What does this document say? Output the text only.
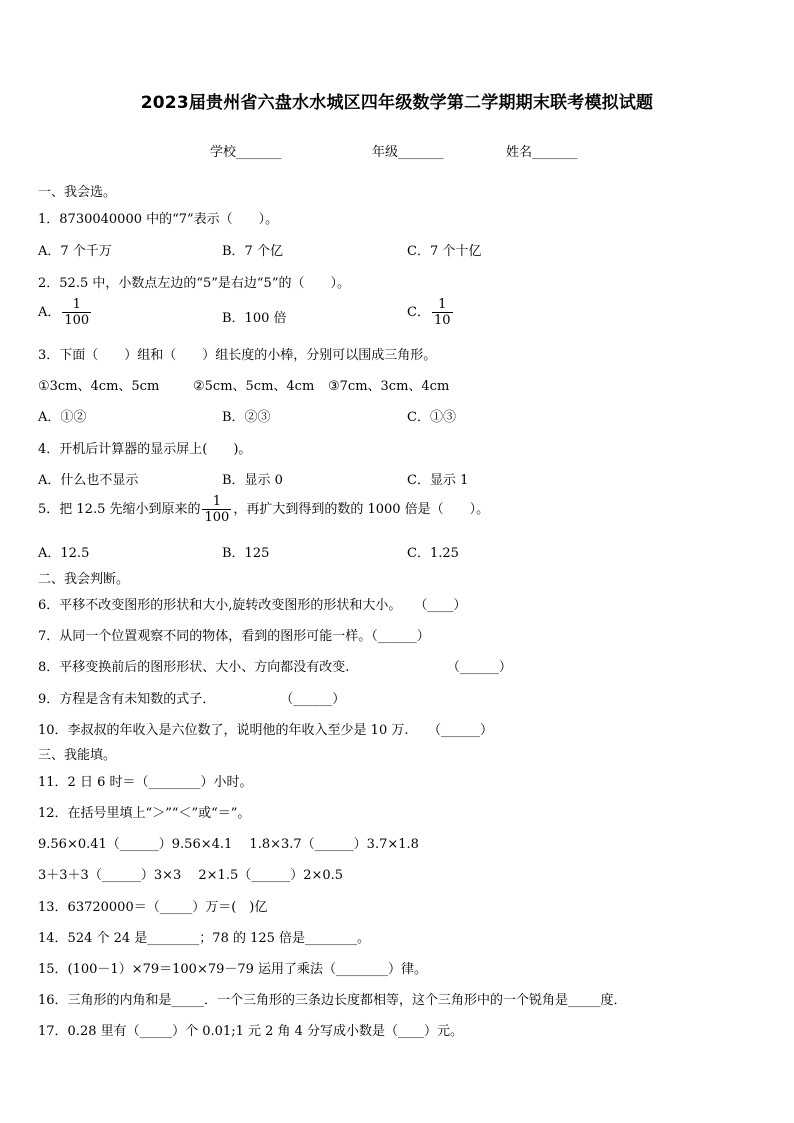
2023届贵州省六盘水水城区四年级数学第二学期期末联考模拟试题
学校_______	年级_______	姓名_______
一、我会选。
1．8730040000 中的“7”表示（　　）。
A．7 个千万	B．7 个亿	C．7 个十亿
2．52.5 中，小数点左边的“5”是右边“5”的（　　）。
A． $\frac{1}{100}$	B．100 倍	C． $\frac{1}{10}$
3．下面（　　）组和（　　）组长度的小棒，分别可以围成三角形。
①3cm、4cm、5cm	②5cm、5cm、4cm ③7cm、3cm、4cm
A．①②	B．②③	C．①③
4．开机后计算器的显示屏上(　　)。
A．什么也不显示	B．显示 0	C．显示 1
5．把 12.5 先缩小到原来的 $\frac{1}{100}$ ，再扩大到得到的数的 1000 倍是（　　）。
A．12.5	B．125	C．1.25
二、我会判断。
6．平移不改变图形的形状和大小,旋转改变图形的形状和大小。　　（____）
7．从同一个位置观察不同的物体，看到的图形可能一样。（______）
8．平移变换前后的图形形状、大小、方向都没有改变.　　　　　　　　（______）
9．方程是含有未知数的式子．　　　　　　（______）
10．李叔叔的年收入是六位数了，说明他的年收入至少是 10 万.　　（______）
三、我能填。
11．2 日 6 时＝（________）小时。
12．在括号里填上“＞”“＜”或“＝”。
9.56×0.41（______）9.56×4.1　 1.8×3.7（______）3.7×1.8
3＋3＋3（______）3×3　 2×1.5（______）2×0.5
13．63720000＝（_____）万＝(　)亿
14．524 个 24 是________；78 的 125 倍是________。
15．(100－1）×79＝100×79－79 运用了乘法（________）律。
16．三角形的内角和是_____．一个三角形的三条边长度都相等，这个三角形中的一个锐角是_____度．
17．0.28 里有（_____）个 0.01;1 元 2 角 4 分写成小数是（____）元。
